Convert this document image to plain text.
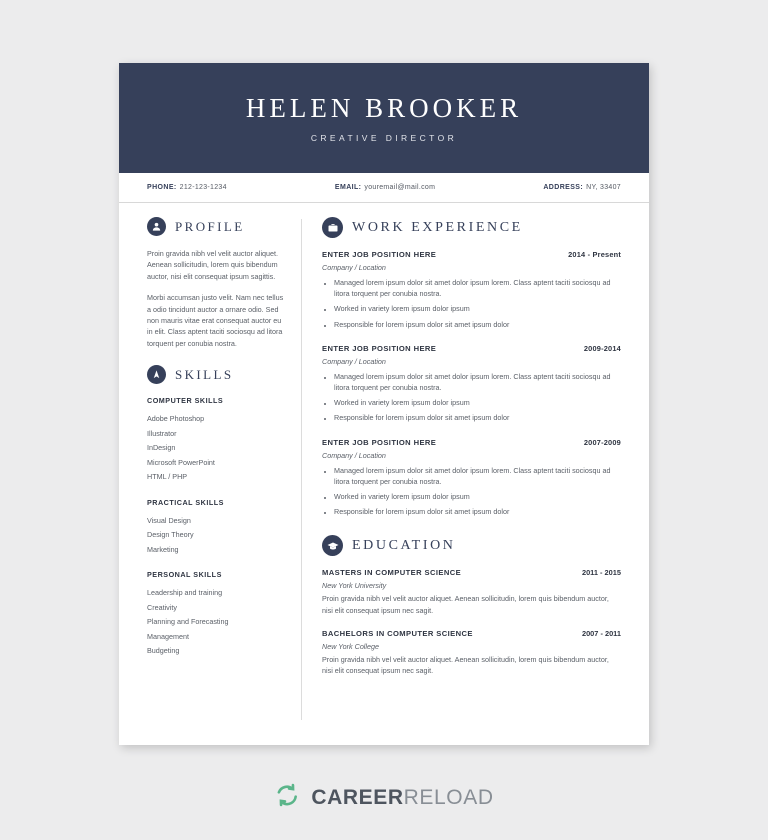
HELEN BROOKER
CREATIVE DIRECTOR
PHONE: 212-123-1234	EMAIL: youremail@mail.com	ADDRESS: NY, 33407
PROFILE
Proin gravida nibh vel velit auctor aliquet. Aenean sollicitudin, lorem quis bibendum auctor, nisi elit consequat ipsum sagittis.
Morbi accumsan justo velit. Nam nec tellus a odio tincidunt auctor a ornare odio. Sed non mauris vitae erat consequat auctor eu in elit. Class aptent taciti sociosqu ad litora torquent per conubia nostra.
SKILLS
COMPUTER SKILLS
Adobe Photoshop
Illustrator
InDesign
Microsoft PowerPoint
HTML / PHP
PRACTICAL SKILLS
Visual Design
Design Theory
Marketing
PERSONAL SKILLS
Leadership and training
Creativity
Planning and Forecasting
Management
Budgeting
WORK EXPERIENCE
ENTER JOB POSITION HERE	2014 - Present
Company / Location
• Managed lorem ipsum dolor sit amet dolor ipsum lorem. Class aptent taciti sociosqu ad litora torquent per conubia nostra.
• Worked in variety lorem ipsum dolor ipsum
• Responsible for lorem ipsum dolor sit amet ipsum dolor
ENTER JOB POSITION HERE	2009-2014
Company / Location
• Managed lorem ipsum dolor sit amet dolor ipsum lorem. Class aptent taciti sociosqu ad litora torquent per conubia nostra.
• Worked in variety lorem ipsum dolor ipsum
• Responsible for lorem ipsum dolor sit amet ipsum dolor
ENTER JOB POSITION HERE	2007-2009
Company / Location
• Managed lorem ipsum dolor sit amet dolor ipsum lorem. Class aptent taciti sociosqu ad litora torquent per conubia nostra.
• Worked in variety lorem ipsum dolor ipsum
• Responsible for lorem ipsum dolor sit amet ipsum dolor
EDUCATION
MASTERS IN COMPUTER SCIENCE	2011 - 2015
New York University
Proin gravida nibh vel velit auctor aliquet. Aenean sollicitudin, lorem quis bibendum auctor, nisi elit consequat ipsum nec sagit.
BACHELORS IN COMPUTER SCIENCE	2007 - 2011
New York College
Proin gravida nibh vel velit auctor aliquet. Aenean sollicitudin, lorem quis bibendum auctor, nisi elit consequat ipsum nec sagit.
CAREERRELOAD
